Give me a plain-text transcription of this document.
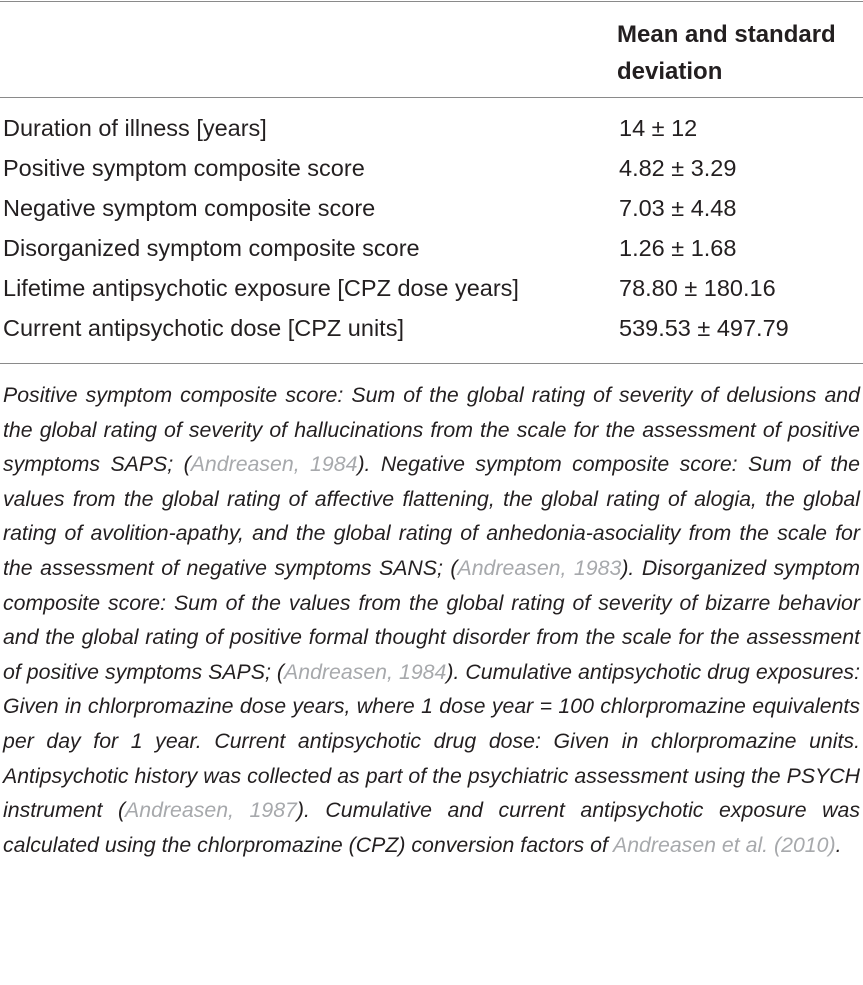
Mean and standard deviation
Duration of illness [years]	14 ± 12
Positive symptom composite score	4.82 ± 3.29
Negative symptom composite score	7.03 ± 4.48
Disorganized symptom composite score	1.26 ± 1.68
Lifetime antipsychotic exposure [CPZ dose years]	78.80 ± 180.16
Current antipsychotic dose [CPZ units]	539.53 ± 497.79
Positive symptom composite score: Sum of the global rating of severity of delusions and the global rating of severity of hallucinations from the scale for the assessment of positive symptoms SAPS; (Andreasen, 1984). Negative symptom composite score: Sum of the values from the global rating of affective flattening, the global rating of alogia, the global rating of avolition-apathy, and the global rating of anhedonia-asociality from the scale for the assessment of negative symptoms SANS; (Andreasen, 1983). Disorganized symptom composite score: Sum of the values from the global rating of severity of bizarre behavior and the global rating of positive formal thought disorder from the scale for the assessment of positive symptoms SAPS; (Andreasen, 1984). Cumulative antipsychotic drug exposures: Given in chlorpromazine dose years, where 1 dose year = 100 chlorpromazine equivalents per day for 1 year. Current antipsychotic drug dose: Given in chlorpromazine units. Antipsychotic history was collected as part of the psychiatric assessment using the PSYCH instrument (Andreasen, 1987). Cumulative and current antipsychotic exposure was calculated using the chlorpromazine (CPZ) conversion factors of Andreasen et al. (2010).
